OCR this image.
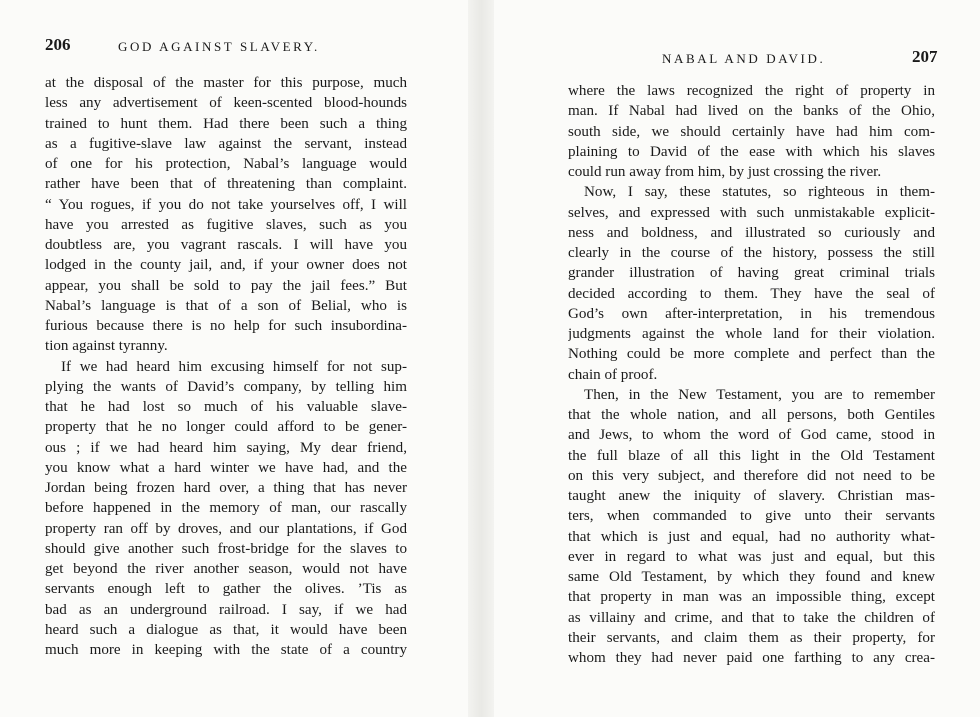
206	GOD AGAINST SLAVERY.
at the disposal of the master for this purpose, much
less any advertisement of keen-scented blood-hounds
trained to hunt them. Had there been such a thing
as a fugitive-slave law against the servant, instead
of one for his protection, Nabal’s language would
rather have been that of threatening than complaint.
“ You rogues, if you do not take yourselves off, I will
have you arrested as fugitive slaves, such as you
doubtless are, you vagrant rascals. I will have you
lodged in the county jail, and, if your owner does not
appear, you shall be sold to pay the jail fees.” But
Nabal’s language is that of a son of Belial, who is
furious because there is no help for such insubordina-
tion against tyranny.
If we had heard him excusing himself for not sup-
plying the wants of David’s company, by telling him
that he had lost so much of his valuable slave-
property that he no longer could afford to be gener-
ous ; if we had heard him saying, My dear friend,
you know what a hard winter we have had, and the
Jordan being frozen hard over, a thing that has never
before happened in the memory of man, our rascally
property ran off by droves, and our plantations, if God
should give another such frost-bridge for the slaves to
get beyond the river another season, would not have
servants enough left to gather the olives. ’Tis as
bad as an underground railroad. I say, if we had
heard such a dialogue as that, it would have been
much more in keeping with the state of a country
NABAL AND DAVID.	207
where the laws recognized the right of property in
man. If Nabal had lived on the banks of the Ohio,
south side, we should certainly have had him com-
plaining to David of the ease with which his slaves
could run away from him, by just crossing the river.
Now, I say, these statutes, so righteous in them-
selves, and expressed with such unmistakable explicit-
ness and boldness, and illustrated so curiously and
clearly in the course of the history, possess the still
grander illustration of having great criminal trials
decided according to them. They have the seal of
God’s own after-interpretation, in his tremendous
judgments against the whole land for their violation.
Nothing could be more complete and perfect than the
chain of proof.
Then, in the New Testament, you are to remember
that the whole nation, and all persons, both Gentiles
and Jews, to whom the word of God came, stood in
the full blaze of all this light in the Old Testament
on this very subject, and therefore did not need to be
taught anew the iniquity of slavery. Christian mas-
ters, when commanded to give unto their servants
that which is just and equal, had no authority what-
ever in regard to what was just and equal, but this
same Old Testament, by which they found and knew
that property in man was an impossible thing, except
as villainy and crime, and that to take the children of
their servants, and claim them as their property, for
whom they had never paid one farthing to any crea-
